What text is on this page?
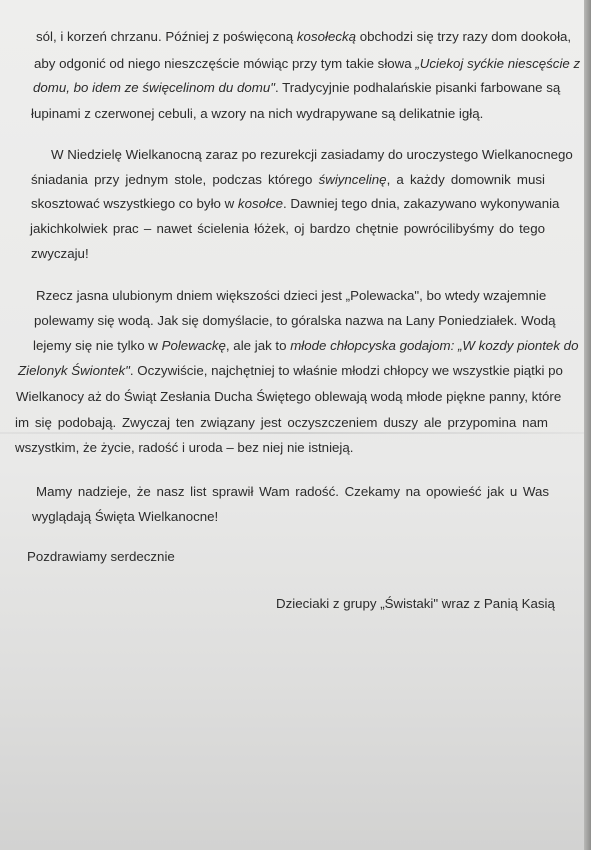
sól, i korzeń chrzanu. Później z poświęconą kosołecką obchodzi się trzy razy dom dookoła,

aby odgonić od niego nieszczęście mówiąc przy tym takie słowa „Uciekoj syćkie niescęście z

domu, bo idem ze święcelinom du domu". Tradycyjnie podhalańskie pisanki farbowane są

łupinami z czerwonej cebuli, a wzory na nich wydrapywane są delikatnie igłą.

W Niedzielę Wielkanocną zaraz po rezurekcji zasiadamy do uroczystego Wielkanocnego

śniadania przy jednym stole, podczas którego świyncelinę, a każdy domownik musi

skosztować wszystkiego co było w kosołce. Dawniej tego dnia, zakazywano wykonywania

jakichkolwiek prac – nawet ścielenia łóżek, oj bardzo chętnie powrócilibyśmy do tego

zwyczaju!

Rzecz jasna ulubionym dniem większości dzieci jest „Polewacka", bo wtedy wzajemnie

polewamy się wodą. Jak się domyślacie, to góralska nazwa na Lany Poniedziałek. Wodą

lejemy się nie tylko w Polewackę, ale jak to młode chłopcyska godajom: „W kozdy piontek do

Zielonyk Świontek". Oczywiście, najchętniej to właśnie młodzi chłopcy we wszystkie piątki po

Wielkanocy aż do Świąt Zesłania Ducha Świętego oblewają wodą młode piękne panny, które

im się podobają. Zwyczaj ten związany jest oczyszczeniem duszy ale przypomina nam

wszystkim, że życie, radość i uroda – bez niej nie istnieją.

Mamy nadzieje, że nasz list sprawił Wam radość. Czekamy na opowieść jak u Was

wyglądają Święta Wielkanocne!

Pozdrawiamy serdecznie

Dzieciaki z grupy „Świstaki" wraz z Panią Kasią
